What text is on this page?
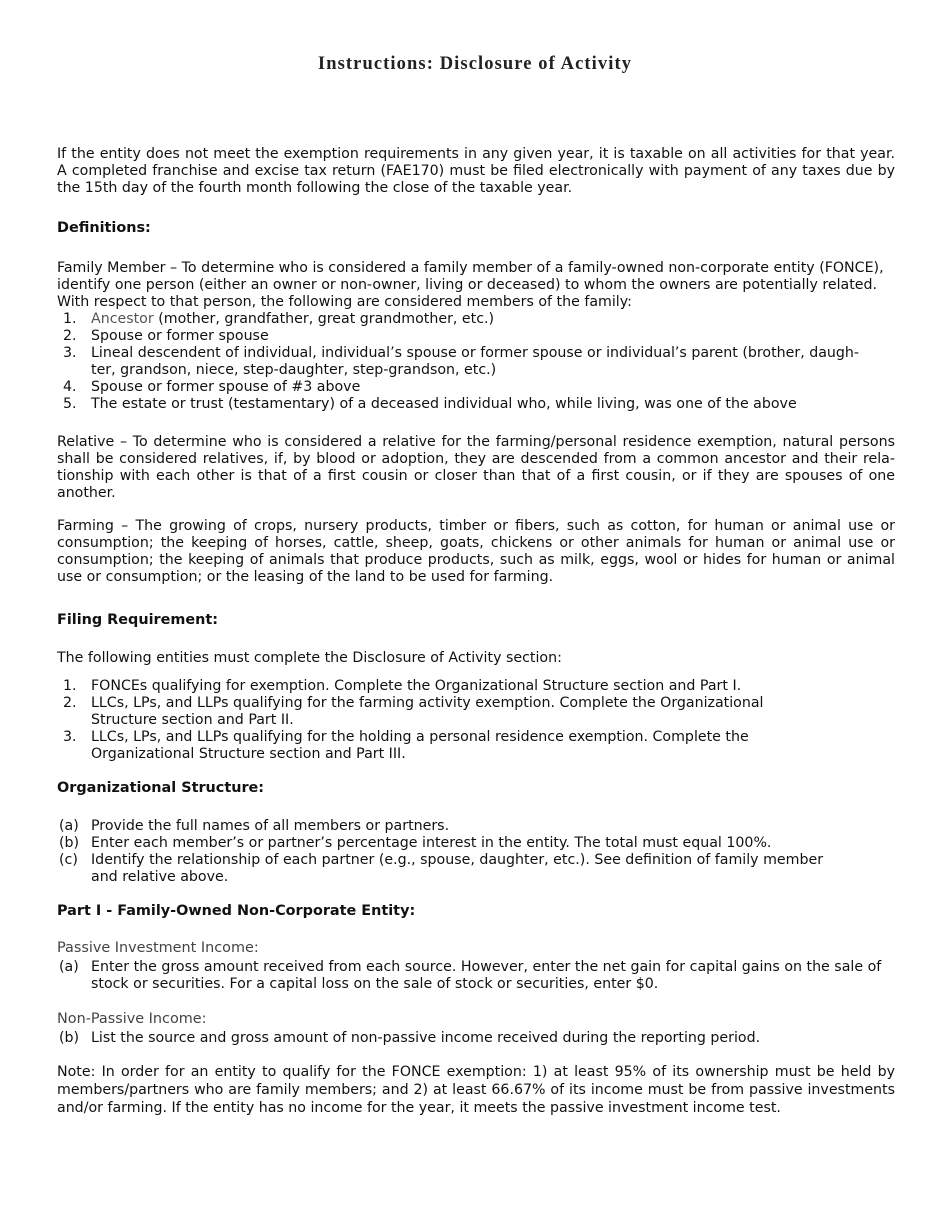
Instructions: Disclosure of Activity
If the entity does not meet the exemption requirements in any given year, it is taxable on all activities for that year. A completed franchise and excise tax return (FAE170) must be filed electronically with payment of any taxes due by the 15th day of the fourth month following the close of the taxable year.
Definitions:
Family Member – To determine who is considered a family member of a family-owned non-corporate entity (FONCE), identify one person (either an owner or non-owner, living or deceased) to whom the owners are potentially related. With respect to that person, the following are considered members of the family:
1.	Ancestor (mother, grandfather, great grandmother, etc.)
2.	Spouse or former spouse
3.	Lineal descendent of individual, individual’s spouse or former spouse or individual’s parent (brother, daugh-ter, grandson, niece, step-daughter, step-grandson, etc.)
4.	Spouse or former spouse of #3 above
5.	The estate or trust (testamentary) of a deceased individual who, while living, was one of the above
Relative – To determine who is considered a relative for the farming/personal residence exemption, natural persons shall be considered relatives, if, by blood or adoption, they are descended from a common ancestor and their rela-tionship with each other is that of a first cousin or closer than that of a first cousin, or if they are spouses of one another.
Farming – The growing of crops, nursery products, timber or fibers, such as cotton, for human or animal use or consumption; the keeping of horses, cattle, sheep, goats, chickens or other animals for human or animal use or consumption; the keeping of animals that produce products, such as milk, eggs, wool or hides for human or animal use or consumption; or the leasing of the land to be used for farming.
Filing Requirement:
The following entities must complete the Disclosure of Activity section:
1.	FONCEs qualifying for exemption. Complete the Organizational Structure section and Part I.
2.	LLCs, LPs, and LLPs qualifying for the farming activity exemption. Complete the Organizational Structure section and Part II.
3.	LLCs, LPs, and LLPs qualifying for the holding a personal residence exemption. Complete the Organizational Structure section and Part III.
Organizational Structure:
(a) Provide the full names of all members or partners.
(b) Enter each member’s or partner’s percentage interest in the entity. The total must equal 100%.
(c) Identify the relationship of each partner (e.g., spouse, daughter, etc.). See definition of family member and relative above.
Part I - Family-Owned Non-Corporate Entity:
Passive Investment Income:
(a) Enter the gross amount received from each source. However, enter the net gain for capital gains on the sale of stock or securities. For a capital loss on the sale of stock or securities, enter $0.
Non-Passive Income:
(b) List the source and gross amount of non-passive income received during the reporting period.
Note: In order for an entity to qualify for the FONCE exemption: 1) at least 95% of its ownership must be held by members/partners who are family members; and 2) at least 66.67% of its income must be from passive investments and/or farming. If the entity has no income for the year, it meets the passive investment income test.
